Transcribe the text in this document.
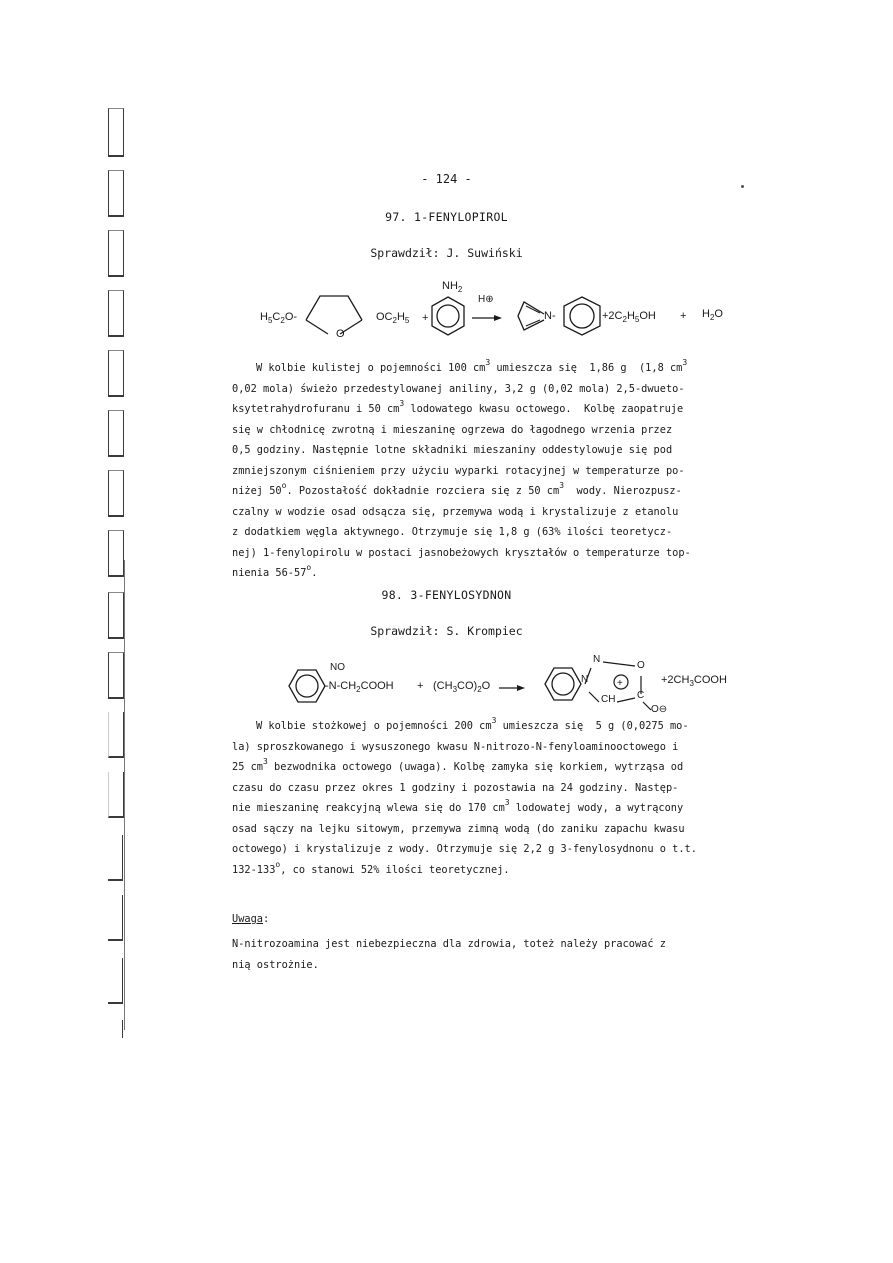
- 124 -
97. 1-FENYLOPIROL
Sprawdził: J. Suwiński
$H_5C_2O-$
O
$OC_2H_5$ +
$NH_2$
H⊕
N-	$+2C_2H_5OH + H_2O$
W kolbie kulistej o pojemności 100 $cm^3$ umieszcza się  1,86 g  (1,8 $cm^3$
0,02 mola) świeżo przedestylowanej aniliny, 3,2 g (0,02 mola) 2,5-dwueto-
ksytetrahydrofuranu i 50 $cm^3$ lodowatego kwasu octowego.  Kolbę zaopatruje
się w chłodnicę zwrotną i mieszaninę ogrzewa do łagodnego wrzenia przez
0,5 godziny. Następnie lotne składniki mieszaniny oddestylowuje się pod
zmniejszonym ciśnieniem przy użyciu wyparki rotacyjnej w temperaturze po-
niżej 50$^o$. Pozostałość dokładnie rozciera się z 50 $cm^3$  wody. Nierozpusz-
czalny w wodzie osad odsącza się, przemywa wodą i krystalizuje z etanolu
z dodatkiem węgla aktywnego. Otrzymuje się 1,8 g (63% ilości teoretycz-
nej) 1-fenylopirolu w postaci jasnobeżowych kryształów o temperaturze top-
nienia 56-57$^o$.
98. 3-FENYLOSYDNON
Sprawdził: S. Krompiec
NO
$-N-CH_2COOH + (CH_3CO)_2O$ →	+
N
N
O
CH C
O⊖
$+2CH_3COOH$
W kolbie stożkowej o pojemności 200 $cm^3$ umieszcza się  5 g (0,0275 mo-
la) sproszkowanego i wysuszonego kwasu N-nitrozo-N-fenyloaminooctowego i
25 $cm^3$ bezwodnika octowego (uwaga). Kolbę zamyka się korkiem, wytrząsa od
czasu do czasu przez okres 1 godziny i pozostawia na 24 godziny. Następ-
nie mieszaninę reakcyjną wlewa się do 170 $cm^3$ lodowatej wody, a wytrącony
osad sączy na lejku sitowym, przemywa zimną wodą (do zaniku zapachu kwasu
octowego) i krystalizuje z wody. Otrzymuje się 2,2 g 3-fenylosydnonu o t.t.
132-133$^o$, co stanowi 52% ilości teoretycznej.
Uwaga:
N-nitrozoamina jest niebezpieczna dla zdrowia, toteż należy pracować z
nią ostrożnie.
